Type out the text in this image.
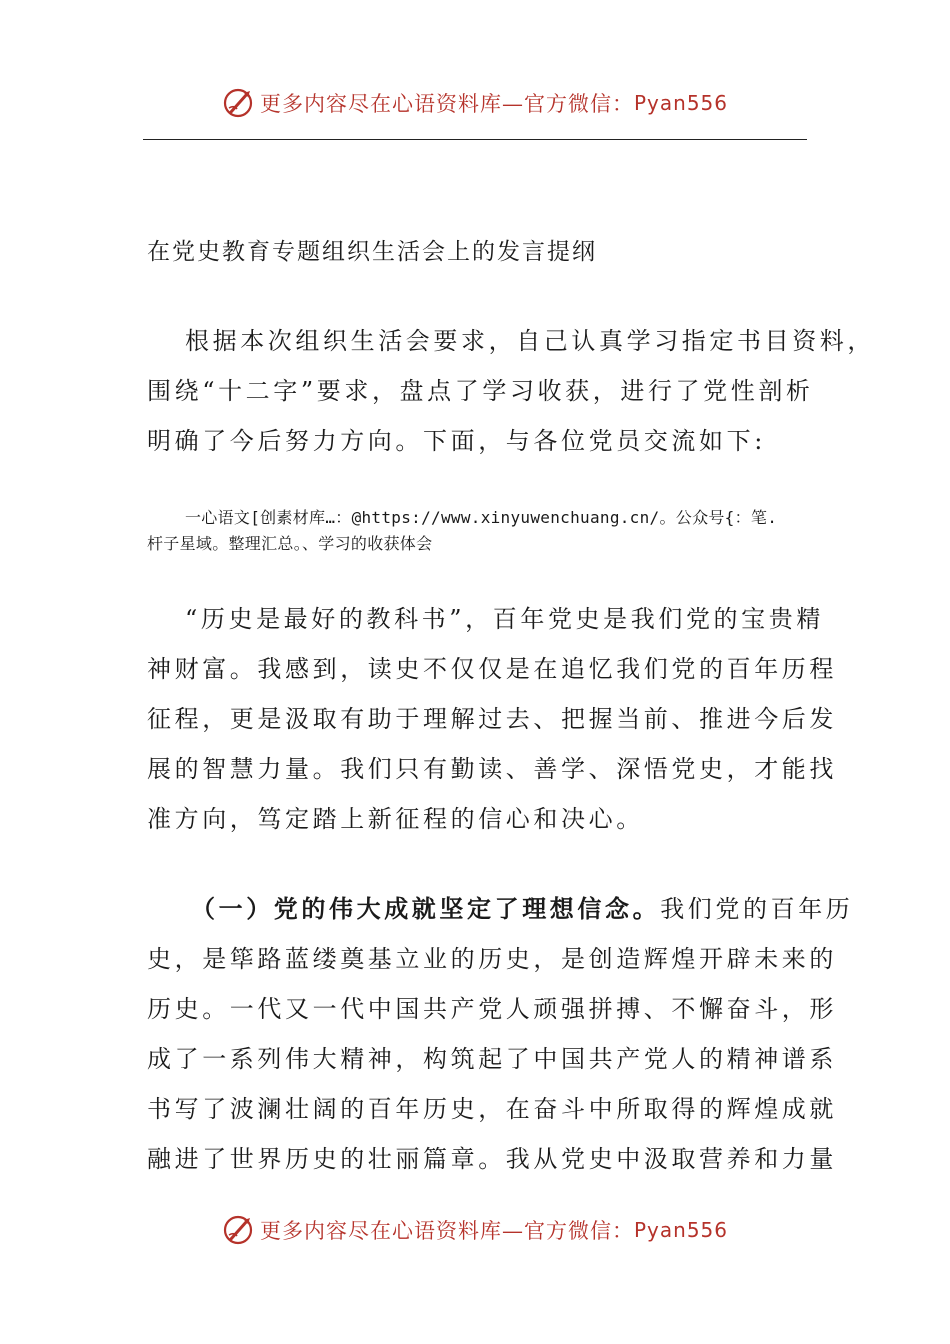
更多内容尽在心语资料库—官方微信： Pyan556
在党史教育专题组织生活会上的发言提纲

根据本次组织生活会要求，自己认真学习指定书目资料，
围绕“十二字”要求，盘点了学习收获，进行了党性剖析
明确了今后努力方向。下面，与各位党员交流如下:

一心语文[创素材库…：@https://www.xinyuwenchuang.cn/。公众号{：笔.
杆子星域。整理汇总。、学习的收获体会

“历史是最好的教科书”，百年党史是我们党的宝贵精
神财富。我感到，读史不仅仅是在追忆我们党的百年历程
征程，更是汲取有助于理解过去、把握当前、推进今后发
展的智慧力量。我们只有勤读、善学、深悟党史，才能找
准方向，笃定踏上新征程的信心和决心。

（一）党的伟大成就坚定了理想信念。我们党的百年历
史，是筚路蓝缕奠基立业的历史，是创造辉煌开辟未来的
历史。一代又一代中国共产党人顽强拼搏、不懈奋斗，形
成了一系列伟大精神，构筑起了中国共产党人的精神谱系
书写了波澜壮阔的百年历史，在奋斗中所取得的辉煌成就
融进了世界历史的壮丽篇章。我从党史中汲取营养和力量

更多内容尽在心语资料库—官方微信： Pyan556
